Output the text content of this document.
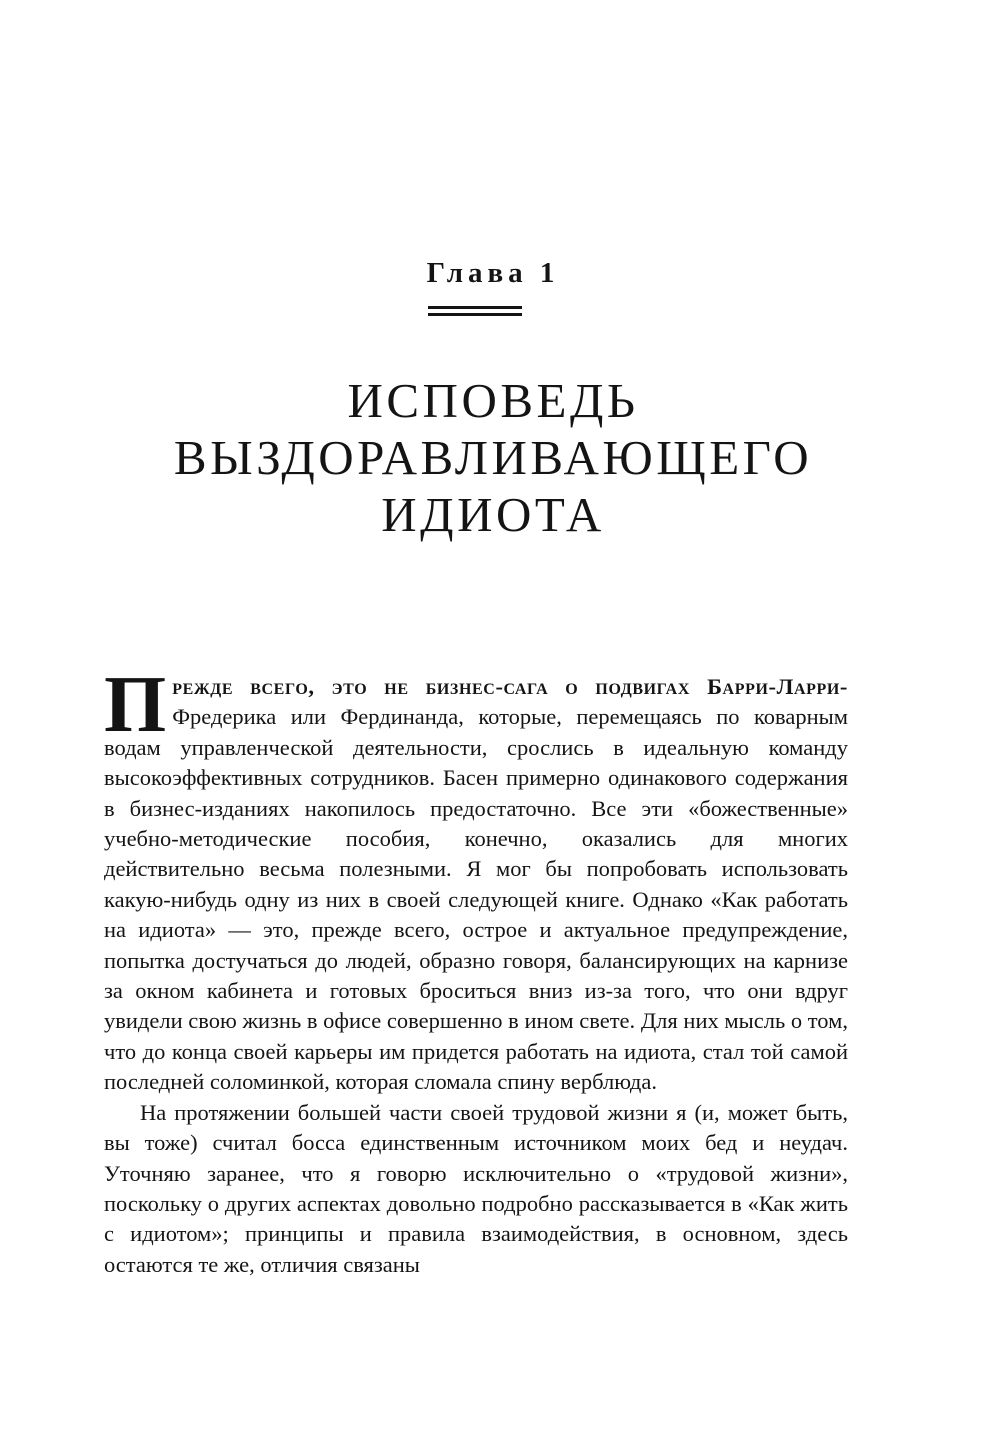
Глава 1
ИСПОВЕДЬ
ВЫЗДОРАВЛИВАЮЩЕГО
ИДИОТА

Прежде всего, это не бизнес-сага о подвигах Барри-Ларри- Фредерика или Фердинанда, которые, перемещаясь по коварным водам управленческой деятельности, срослись в идеальную команду высокоэффективных сотрудников. Басен примерно одинакового содержания в бизнес-изданиях накопилось предостаточно. Все эти «божественные» учебно-методические пособия, конечно, оказались для многих действительно весьма полезными. Я мог бы попробовать использовать какую-нибудь одну из них в своей следующей книге. Однако «Как работать на идиота» — это, прежде всего, острое и актуальное предупреждение, попытка достучаться до людей, образно говоря, балансирующих на карнизе за окном кабинета и готовых броситься вниз из-за того, что они вдруг увидели свою жизнь в офисе совершенно в ином свете. Для них мысль о том, что до конца своей карьеры им придется работать на идиота, стал той самой последней соломинкой, которая сломала спину верблюда.

На протяжении большей части своей трудовой жизни я (и, может быть, вы тоже) считал босса единственным источником моих бед и неудач. Уточняю заранее, что я говорю исключительно о «трудовой жизни», поскольку о других аспектах довольно подробно рассказывается в «Как жить с идиотом»; принципы и правила взаимодействия, в основном, здесь остаются те же, отличия связаны
